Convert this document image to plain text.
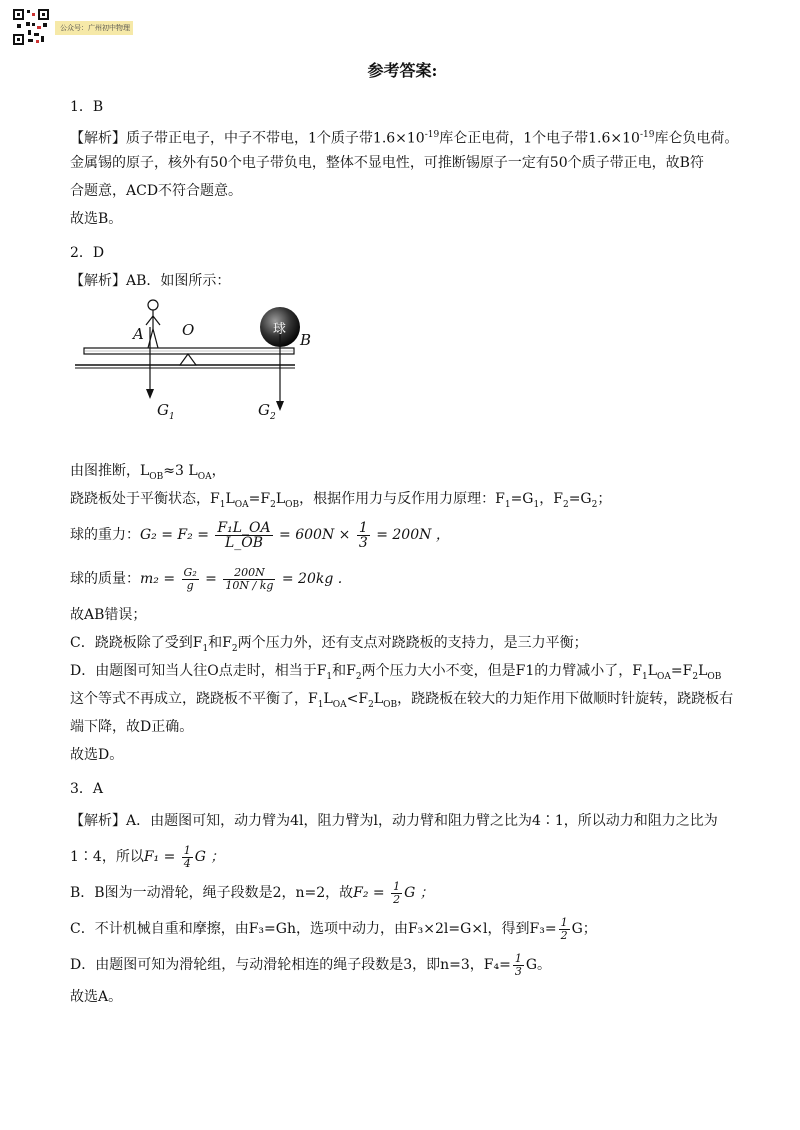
公众号：广州初中物理
参考答案:
1．B
【解析】质子带正电子，中子不带电，1个质子带$1.6\times 10^{-19}$库仑正电荷，1个电子带$1.6\times 10^{-19}$库仑负电荷。
金属锡的原子，核外有50个电子带负电，整体不显电性，可推断锡原子一定有50个质子带正电，故B符
合题意，ACD不符合题意。
故选B。
2．D
【解析】AB．如图所示：
A	O
B
球
$G_1$	$G_2$
由图推断，$L_{OB}\approx 3$ $L_{OA}$，
跷跷板处于平衡状态，$F_1L_{OA}=F_2L_{OB}$，根据作用力与反作用力原理：$F_1=G_1$，$F_2=G_2$；
球的重力：$G_2 = F_2 = \frac{\text{F₁L\_OA}}{L\_OB} = 600N \times \frac{1}{3} = 200N$ ，
球的质量：$m_2 = \frac{\text{G₂}}{g} = \frac{200N}{10N / kg} = 20kg$ .
故AB错误；
C．跷跷板除了受到$F_1$和$F_2$两个压力外，还有支点对跷跷板的支持力，是三力平衡；
D．由题图可知当人往O点走时，相当于$F_1$和$F_2$两个压力大小不变，但是F1的力臂减小了，$F_1L_{OA}=F_2L_{OB}$
这个等式不再成立，跷跷板不平衡了，$F_1L_{OA}<F_2L_{OB}$，跷跷板在较大的力矩作用下做顺时针旋转，跷跷板右
端下降，故D正确。
故选D。
3．A
【解析】A．由题图可知，动力臂为4l，阻力臂为l，动力臂和阻力臂之比为4∶1，所以动力和阻力之比为
1∶4，所以$F_1 = \frac{1}{4}$ G ；
B．B图为一动滑轮，绳子段数是2，n=2，故$F_2 = \frac{1}{2}$ G ；
C．不计机械自重和摩擦，由F₃=Gh，选项中动力，由F₃×2l=G×l，得到$F_3= \frac{1}{2}$ G；
D．由题图可知为滑轮组，与动滑轮相连的绳子段数是3，即n=3，$F_4= \frac{1}{3}$ G。
故选A。
